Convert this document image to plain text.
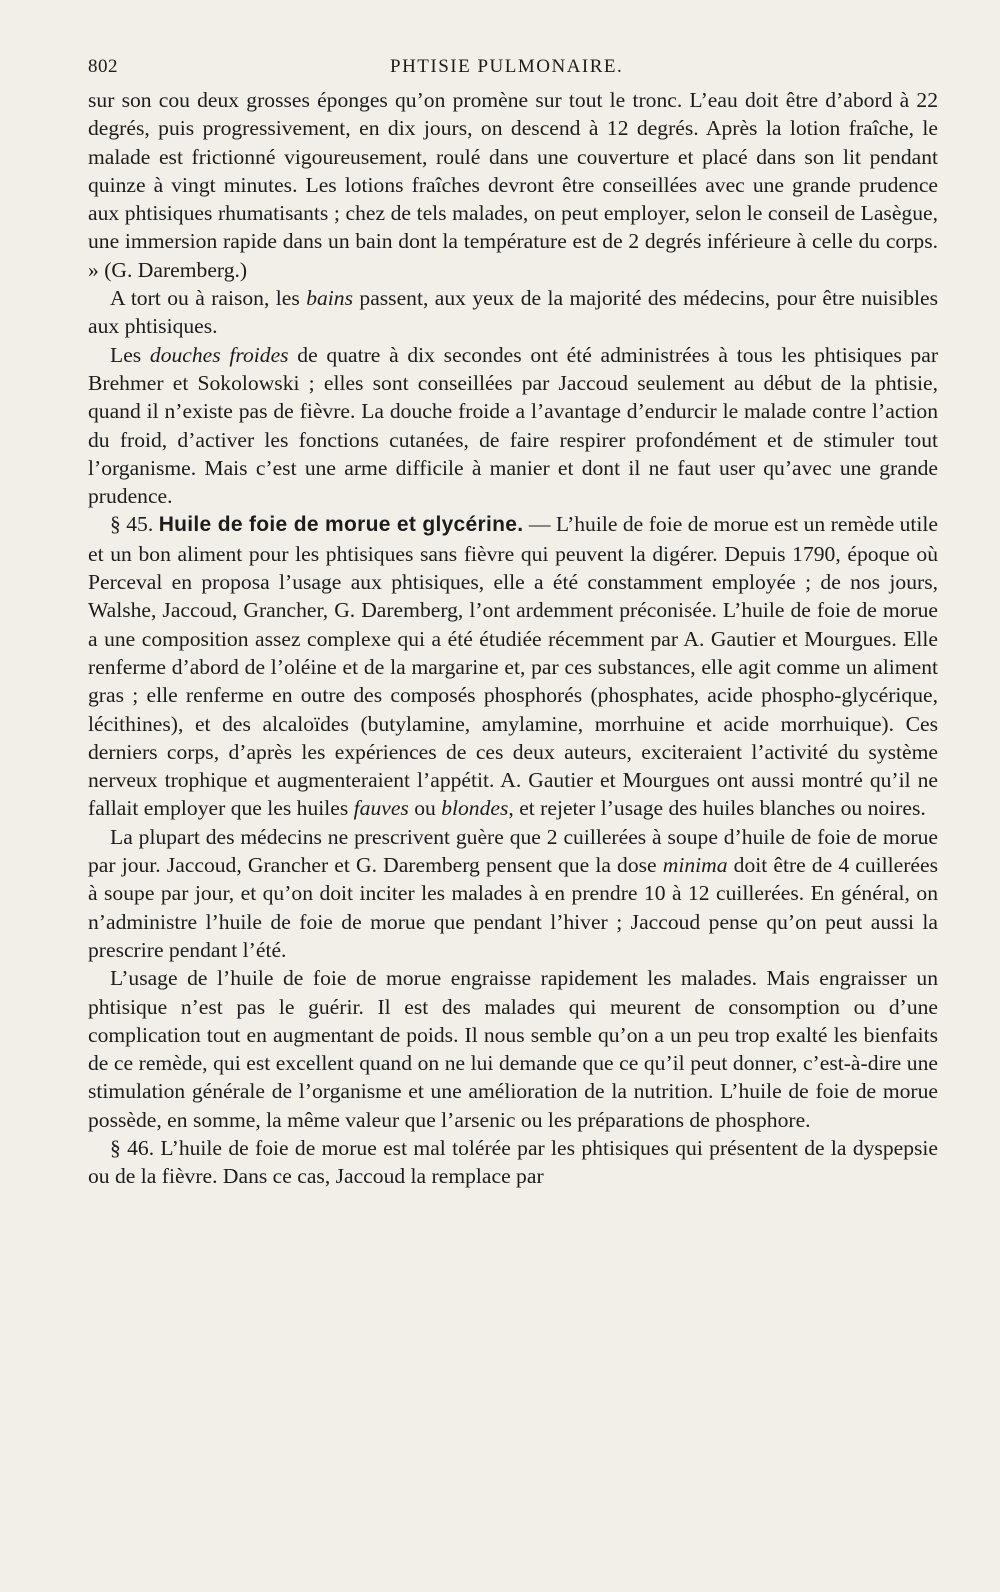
802	PHTISIE PULMONAIRE.

sur son cou deux grosses éponges qu’on promène sur tout le tronc. L’eau doit être d’abord à 22 degrés, puis progressivement, en dix jours, on descend à 12 degrés. Après la lotion fraîche, le malade est frictionné vigoureusement, roulé dans une couverture et placé dans son lit pendant quinze à vingt minutes. Les lotions fraîches devront être conseillées avec une grande prudence aux phtisiques rhumatisants ; chez de tels malades, on peut employer, selon le conseil de Lasègue, une immersion rapide dans un bain dont la température est de 2 degrés inférieure à celle du corps. » (G. Daremberg.)

A tort ou à raison, les bains passent, aux yeux de la majorité des médecins, pour être nuisibles aux phtisiques.

Les douches froides de quatre à dix secondes ont été administrées à tous les phtisiques par Brehmer et Sokolowski ; elles sont conseillées par Jaccoud seulement au début de la phtisie, quand il n’existe pas de fièvre. La douche froide a l’avantage d’endurcir le malade contre l’action du froid, d’activer les fonctions cutanées, de faire respirer profondément et de stimuler tout l’organisme. Mais c’est une arme difficile à manier et dont il ne faut user qu’avec une grande prudence.

§ 45. Huile de foie de morue et glycérine. — L’huile de foie de morue est un remède utile et un bon aliment pour les phtisiques sans fièvre qui peuvent la digérer. Depuis 1790, époque où Perceval en proposa l’usage aux phtisiques, elle a été constamment employée ; de nos jours, Walshe, Jaccoud, Grancher, G. Daremberg, l’ont ardemment préconisée. L’huile de foie de morue a une composition assez complexe qui a été étudiée récemment par A. Gautier et Mourgues. Elle renferme d’abord de l’oléine et de la margarine et, par ces substances, elle agit comme un aliment gras ; elle renferme en outre des composés phosphorés (phosphates, acide phospho-glycérique, lécithines), et des alcaloïdes (butylamine, amylamine, morrhuine et acide morrhuique). Ces derniers corps, d’après les expériences de ces deux auteurs, exciteraient l’activité du système nerveux trophique et augmenteraient l’appétit. A. Gautier et Mourgues ont aussi montré qu’il ne fallait employer que les huiles fauves ou blondes, et rejeter l’usage des huiles blanches ou noires.

La plupart des médecins ne prescrivent guère que 2 cuillerées à soupe d’huile de foie de morue par jour. Jaccoud, Grancher et G. Daremberg pensent que la dose minima doit être de 4 cuillerées à soupe par jour, et qu’on doit inciter les malades à en prendre 10 à 12 cuillerées. En général, on n’administre l’huile de foie de morue que pendant l’hiver ; Jaccoud pense qu’on peut aussi la prescrire pendant l’été.

L’usage de l’huile de foie de morue engraisse rapidement les malades. Mais engraisser un phtisique n’est pas le guérir. Il est des malades qui meurent de consomption ou d’une complication tout en augmentant de poids. Il nous semble qu’on a un peu trop exalté les bienfaits de ce remède, qui est excellent quand on ne lui demande que ce qu’il peut donner, c’est-à-dire une stimulation générale de l’organisme et une amélioration de la nutrition. L’huile de foie de morue possède, en somme, la même valeur que l’arsenic ou les préparations de phosphore.

§ 46. L’huile de foie de morue est mal tolérée par les phtisiques qui présentent de la dyspepsie ou de la fièvre. Dans ce cas, Jaccoud la remplace par
